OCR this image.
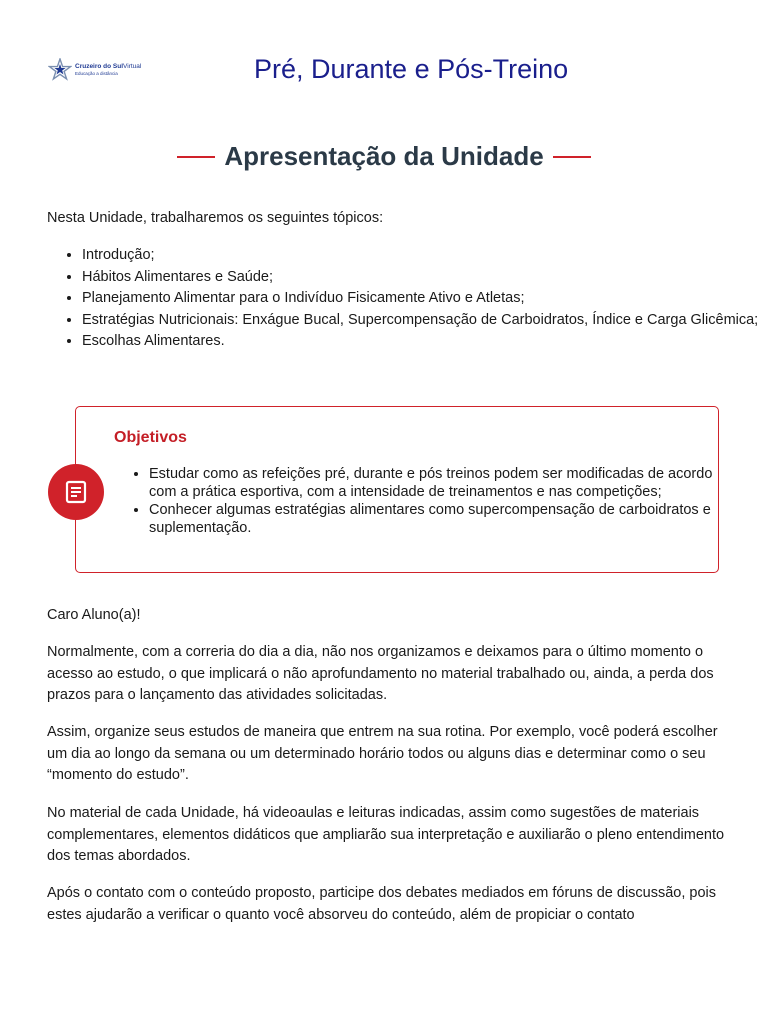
Cruzeiro do SulVirtual
Educação a distância	Pré, Durante e Pós-Treino
Apresentação da Unidade

Nesta Unidade, trabalharemos os seguintes tópicos:

• Introdução;
• Hábitos Alimentares e Saúde;
• Planejamento Alimentar para o Indivíduo Fisicamente Ativo e Atletas;
• Estratégias Nutricionais: Enxágue Bucal, Supercompensação de Carboidratos, Índice e Carga Glicêmica;
• Escolhas Alimentares.
Objetivos
• Estudar como as refeições pré, durante e pós treinos podem ser modificadas de acordo com a prática esportiva, com a intensidade de treinamentos e nas competições;
• Conhecer algumas estratégias alimentares como supercompensação de carboidratos e suplementação.

Caro Aluno(a)!

Normalmente, com a correria do dia a dia, não nos organizamos e deixamos para o último momento o acesso ao estudo, o que implicará o não aprofundamento no material trabalhado ou, ainda, a perda dos prazos para o lançamento das atividades solicitadas.

Assim, organize seus estudos de maneira que entrem na sua rotina. Por exemplo, você poderá escolher um dia ao longo da semana ou um determinado horário todos ou alguns dias e determinar como o seu “momento do estudo”.

No material de cada Unidade, há videoaulas e leituras indicadas, assim como sugestões de materiais complementares, elementos didáticos que ampliarão sua interpretação e auxiliarão o pleno entendimento dos temas abordados.

Após o contato com o conteúdo proposto, participe dos debates mediados em fóruns de discussão, pois estes ajudarão a verificar o quanto você absorveu do conteúdo, além de propiciar o contato
